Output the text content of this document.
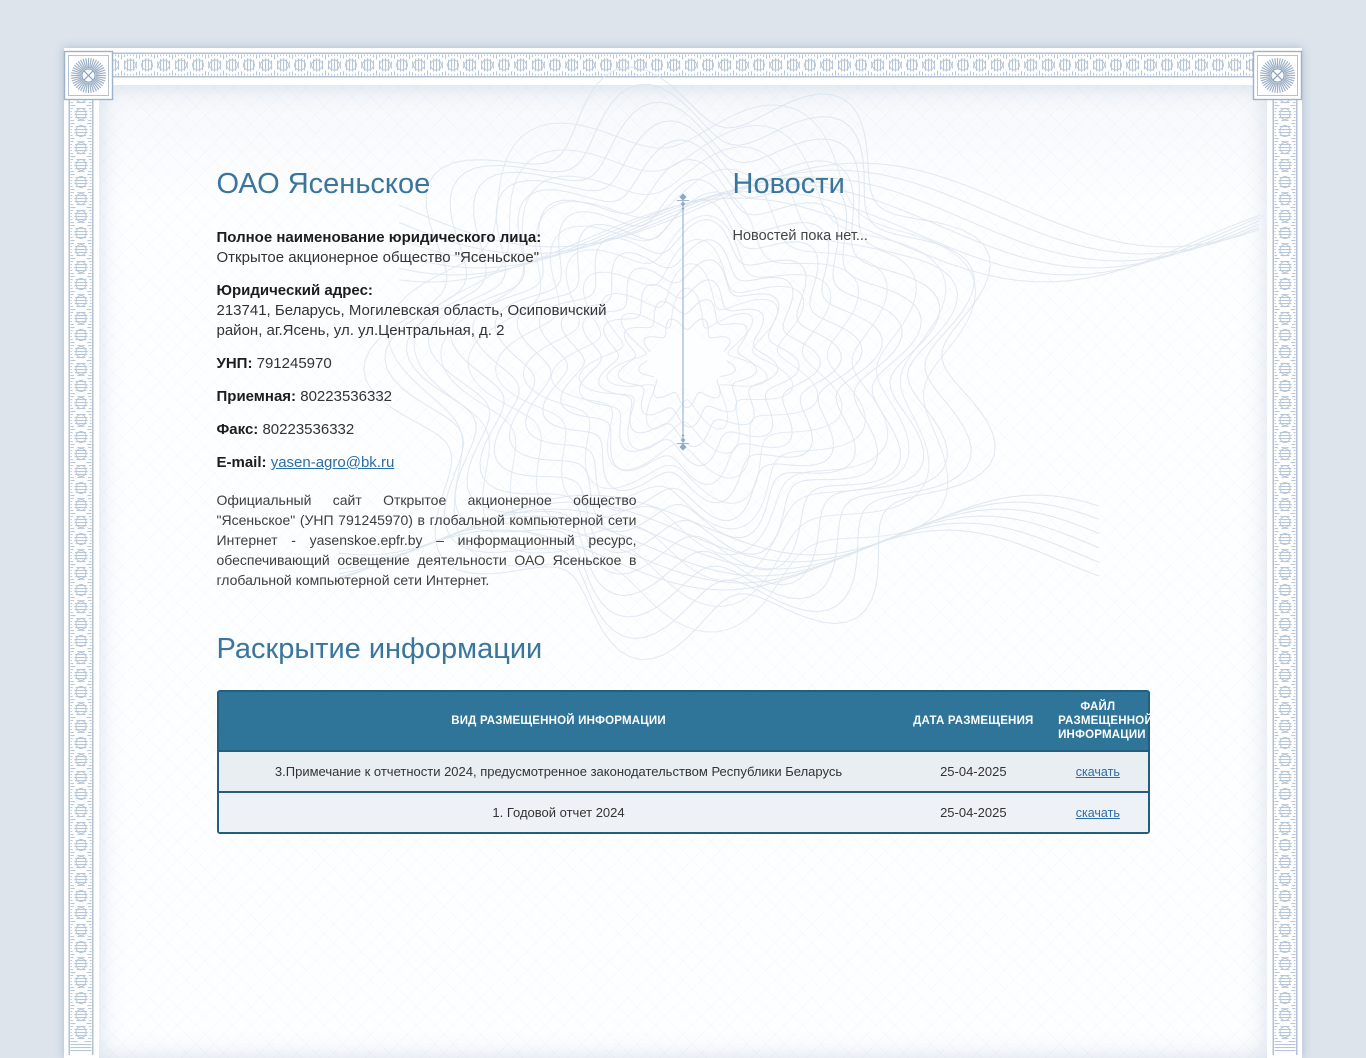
ОАО Ясеньское

Полное наименование юридического лица:
Открытое акционерное общество "Ясеньское"

Юридический адрес:
213741, Беларусь, Могилевская область, Осиповичский район, аг.Ясень, ул. ул.Центральная, д. 2

УНП: 791245970

Приемная: 80223536332

Факс: 80223536332

E-mail: yasen-agro@bk.ru

Официальный сайт Открытое акционерное общество "Ясеньское" (УНП 791245970) в глобальной компьютерной сети Интернет - yasenskoe.epfr.by – информационный ресурс, обеспечивающий освещение деятельности ОАО Ясеньское в глобальной компьютерной сети Интернет.

Новости

Новостей пока нет...

Раскрытие информации
ВИД РАЗМЕЩЕННОЙ ИНФОРМАЦИИ	ДАТА РАЗМЕЩЕНИЯ	ФАЙЛ РАЗМЕЩЕННОЙ ИНФОРМАЦИИ
3.Примечание к отчетности 2024, предусмотренное законодательством Республики Беларусь	25-04-2025	скачать
1. Годовой отчет 2024	25-04-2025	скачать
